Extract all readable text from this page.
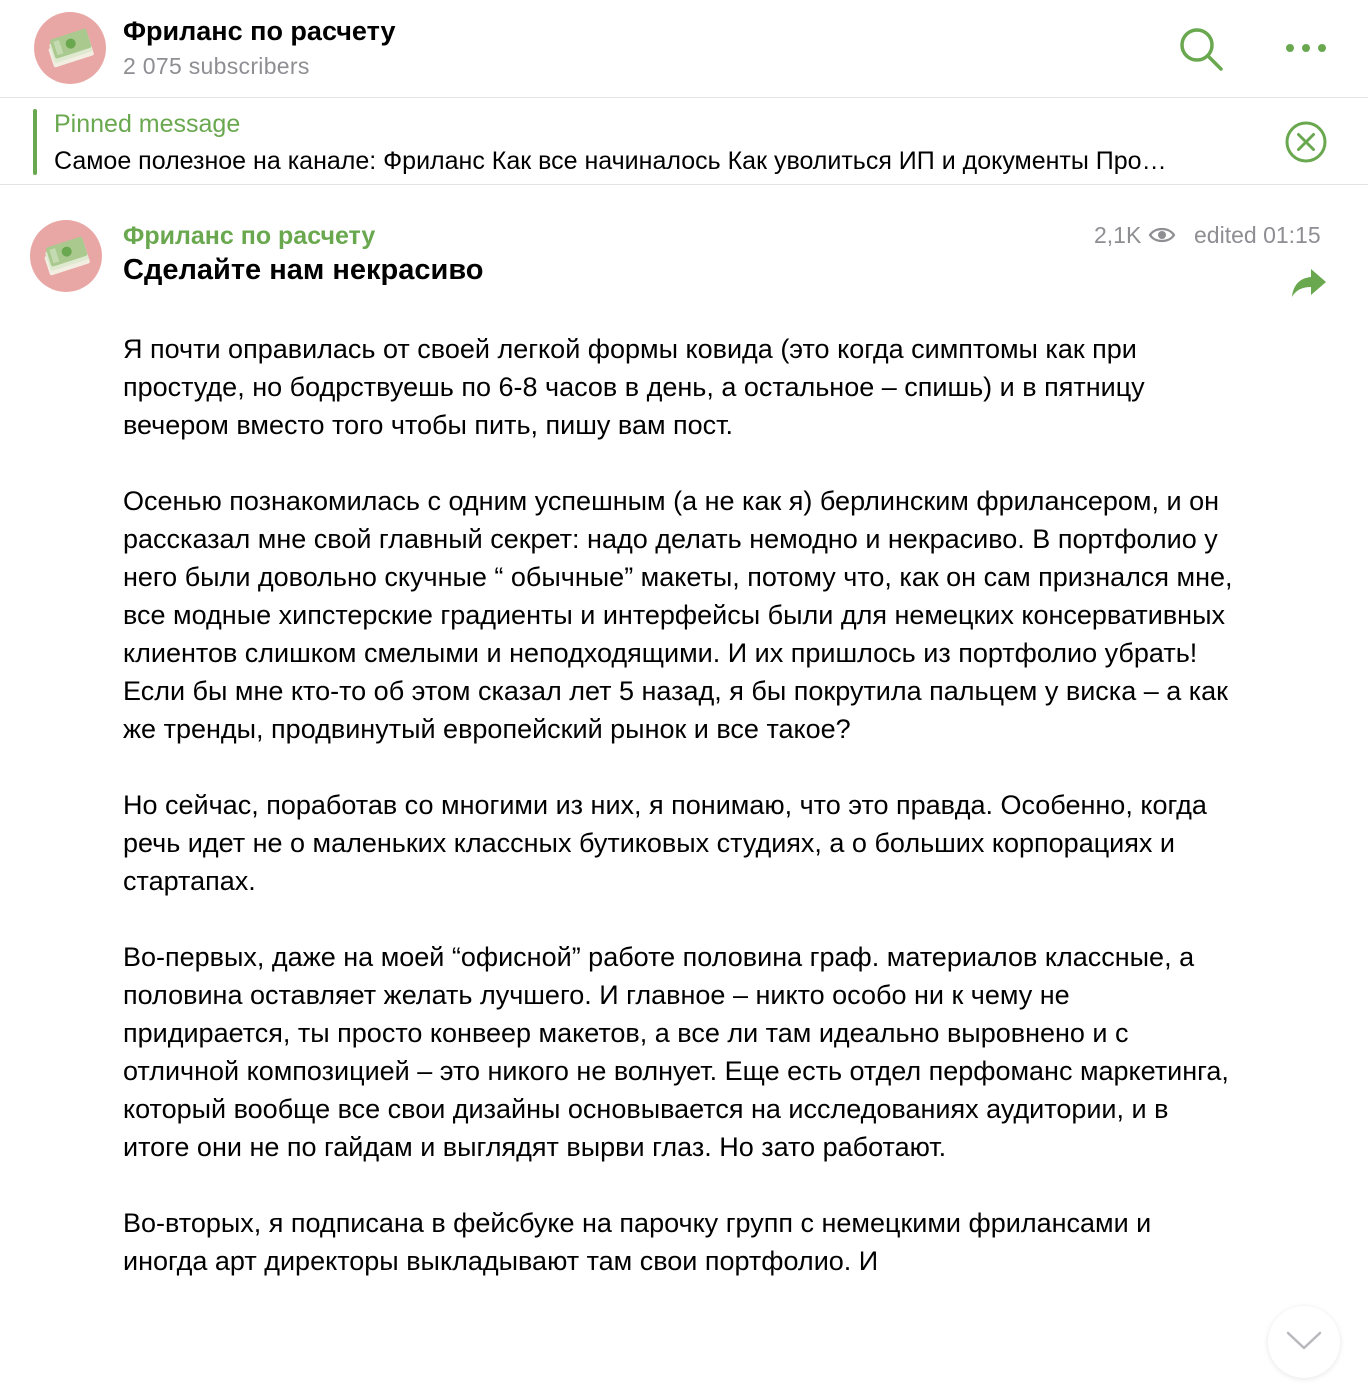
Фриланс по расчету
2 075 subscribers
Pinned message
Самое полезное на канале: Фриланс Как все начиналось Как уволиться ИП и документы Про…
Фриланс по расчету
Сделайте нам некрасиво
2,1K edited 01:15

Я почти оправилась от своей легкой формы ковида (это когда симптомы как при простуде, но бодрствуешь по 6-8 часов в день, а остальное – спишь) и в пятницу вечером вместо того чтобы пить, пишу вам пост.

Осенью познакомилась с одним успешным (а не как я) берлинским фрилансером, и он рассказал мне свой главный секрет: надо делать немодно и некрасиво. В портфолио у него были довольно скучные “ обычные” макеты, потому что, как он сам признался мне, все модные хипстерские градиенты и интерфейсы были для немецких консервативных клиентов слишком смелыми и неподходящими. И их пришлось из портфолио убрать! Если бы мне кто-то об этом сказал лет 5 назад, я бы покрутила пальцем у виска – а как же тренды, продвинутый европейский рынок и все такое?

Но сейчас, поработав со многими из них, я понимаю, что это правда. Особенно, когда речь идет не о маленьких классных бутиковых студиях, а о больших корпорациях и стартапах.

Во-первых, даже на моей “офисной” работе половина граф. материалов классные, а половина оставляет желать лучшего. И главное – никто особо ни к чему не придирается, ты просто конвеер макетов, а все ли там идеально выровнено и с отличной композицией – это никого не волнует. Еще есть отдел перфоманс маркетинга, который вообще все свои дизайны основывается на исследованиях аудитории, и в итоге они не по гайдам и выглядят вырви глаз. Но зато работают.

Во-вторых, я подписана в фейсбуке на парочку групп с немецкими фрилансами и иногда арт директоры выкладывают там свои портфолио. И
